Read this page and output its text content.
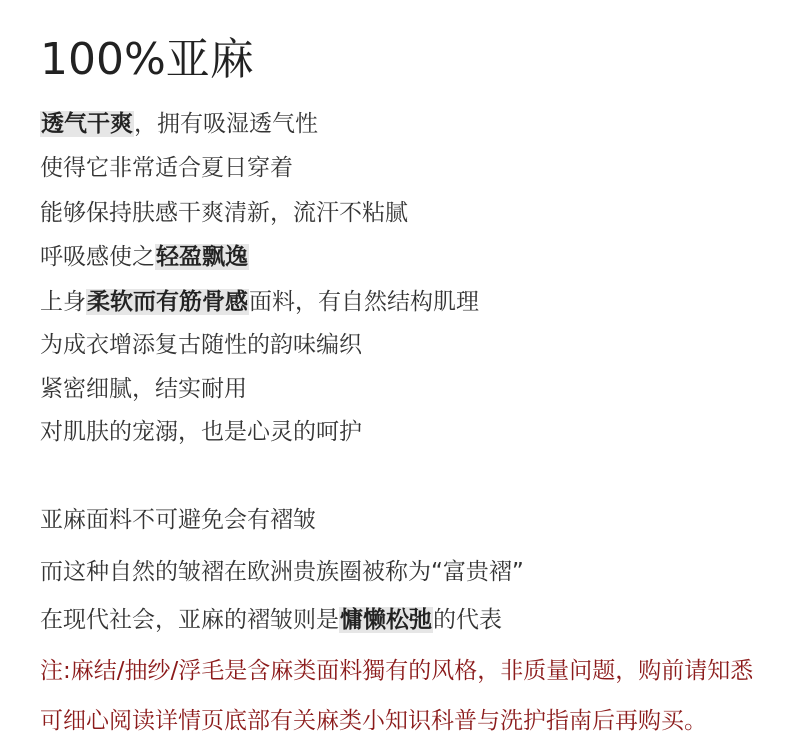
100%亚麻
透气干爽，拥有吸湿透气性
使得它非常适合夏日穿着
能够保持肤感干爽清新，流汗不粘腻
呼吸感使之轻盈飘逸
上身柔软而有筋骨感面料，有自然结构肌理
为成衣增添复古随性的韵味编织
紧密细腻，结实耐用
对肌肤的宠溺，也是心灵的呵护
亚麻面料不可避免会有褶皱
而这种自然的皱褶在欧洲贵族圈被称为“富贵褶”
在现代社会，亚麻的褶皱则是慵懒松弛的代表
注:麻结/抽纱/浮毛是含麻类面料獨有的风格，非质量问题，购前请知悉
可细心阅读详情页底部有关麻类小知识科普与洗护指南后再购买。
